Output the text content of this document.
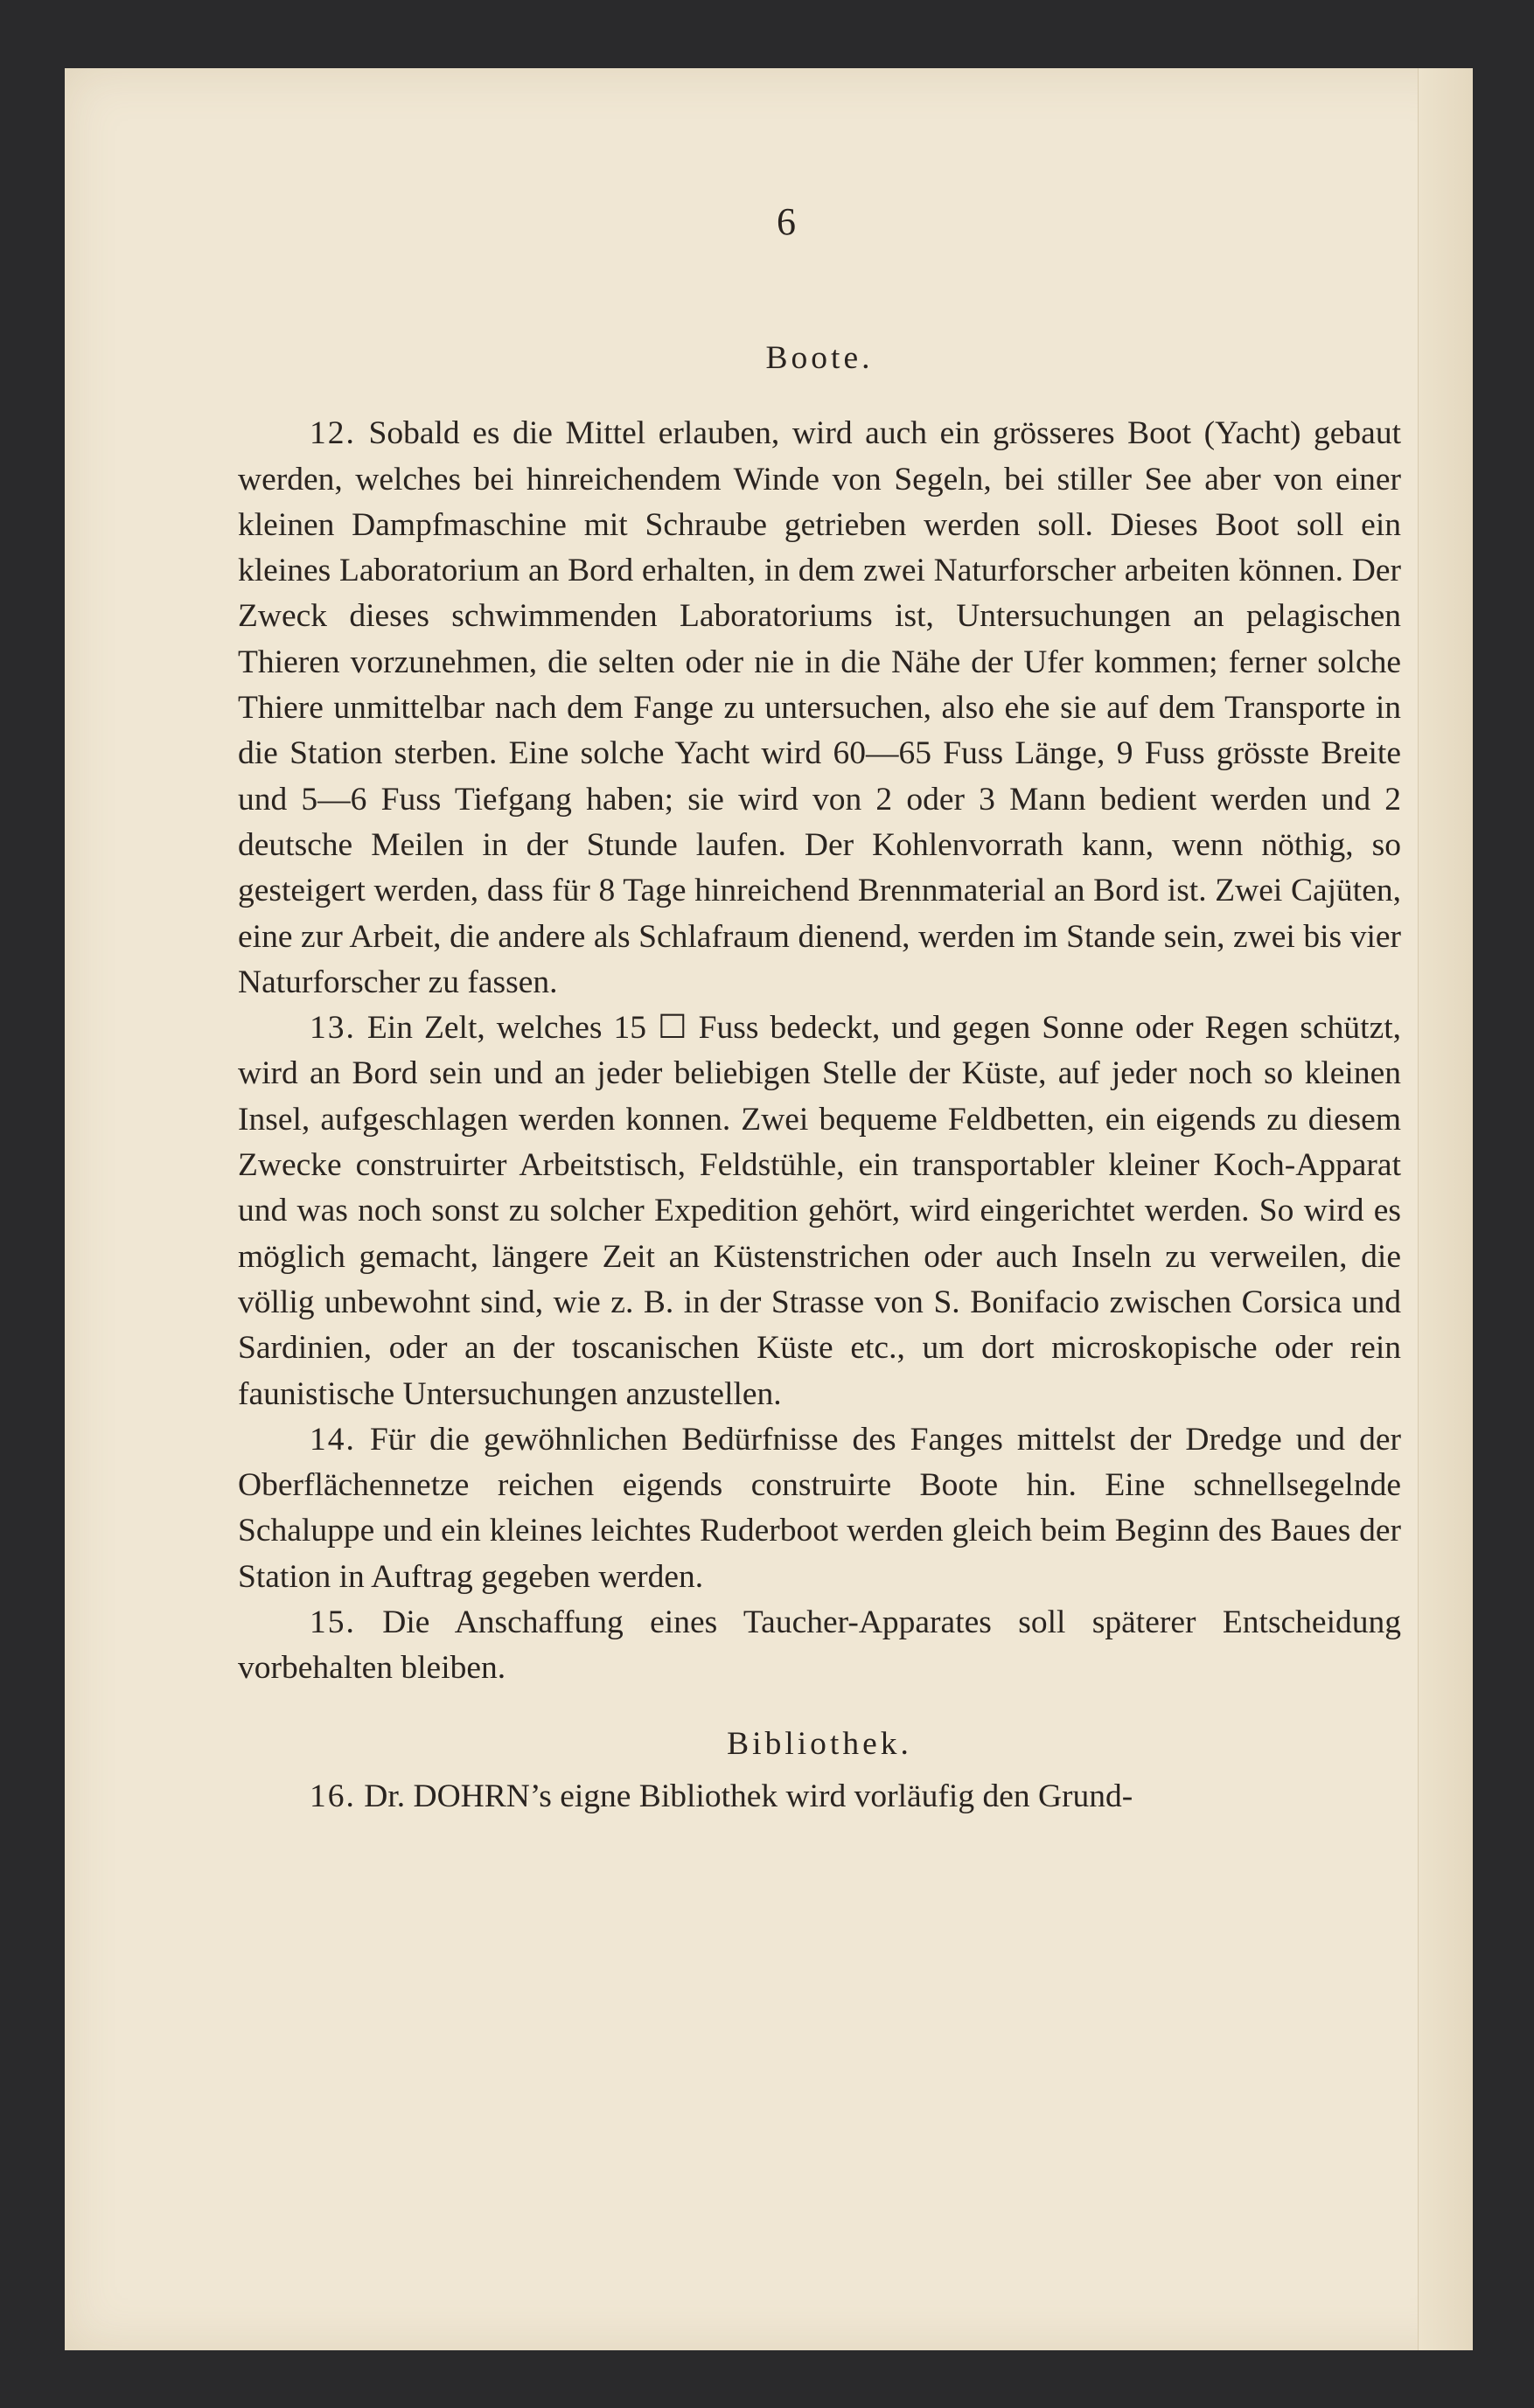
6
Boote.

12. Sobald es die Mittel erlauben, wird auch ein grösseres Boot (Yacht) gebaut werden, welches bei hinreichendem Winde von Segeln, bei stiller See aber von einer kleinen Dampfmaschine mit Schraube getrieben werden soll. Dieses Boot soll ein kleines Laboratorium an Bord erhalten, in dem zwei Naturforscher arbeiten können. Der Zweck dieses schwimmenden Laboratoriums ist, Untersuchungen an pelagischen Thieren vorzunehmen, die selten oder nie in die Nähe der Ufer kommen; ferner solche Thiere unmittelbar nach dem Fange zu untersuchen, also ehe sie auf dem Transporte in die Station sterben. Eine solche Yacht wird 60—65 Fuss Länge, 9 Fuss grösste Breite und 5—6 Fuss Tiefgang haben; sie wird von 2 oder 3 Mann bedient werden und 2 deutsche Meilen in der Stunde laufen. Der Kohlenvorrath kann, wenn nöthig, so gesteigert werden, dass für 8 Tage hinreichend Brennmaterial an Bord ist. Zwei Cajüten, eine zur Arbeit, die andere als Schlafraum dienend, werden im Stande sein, zwei bis vier Naturforscher zu fassen.

13. Ein Zelt, welches 15 ☐ Fuss bedeckt, und gegen Sonne oder Regen schützt, wird an Bord sein und an jeder beliebigen Stelle der Küste, auf jeder noch so kleinen Insel, aufgeschlagen werden konnen. Zwei bequeme Feldbetten, ein eigends zu diesem Zwecke construirter Arbeitstisch, Feldstühle, ein transportabler kleiner Koch-Apparat und was noch sonst zu solcher Expedition gehört, wird eingerichtet werden. So wird es möglich gemacht, längere Zeit an Küstenstrichen oder auch Inseln zu verweilen, die völlig unbewohnt sind, wie z. B. in der Strasse von S. Bonifacio zwischen Corsica und Sardinien, oder an der toscanischen Küste etc., um dort microskopische oder rein faunistische Untersuchungen anzustellen.

14. Für die gewöhnlichen Bedürfnisse des Fanges mittelst der Dredge und der Oberflächennetze reichen eigends construirte Boote hin. Eine schnellsegelnde Schaluppe und ein kleines leichtes Ruderboot werden gleich beim Beginn des Baues der Station in Auftrag gegeben werden.

15. Die Anschaffung eines Taucher-Apparates soll späterer Entscheidung vorbehalten bleiben.

Bibliothek.

16. Dr. DOHRN’s eigne Bibliothek wird vorläufig den Grund-
